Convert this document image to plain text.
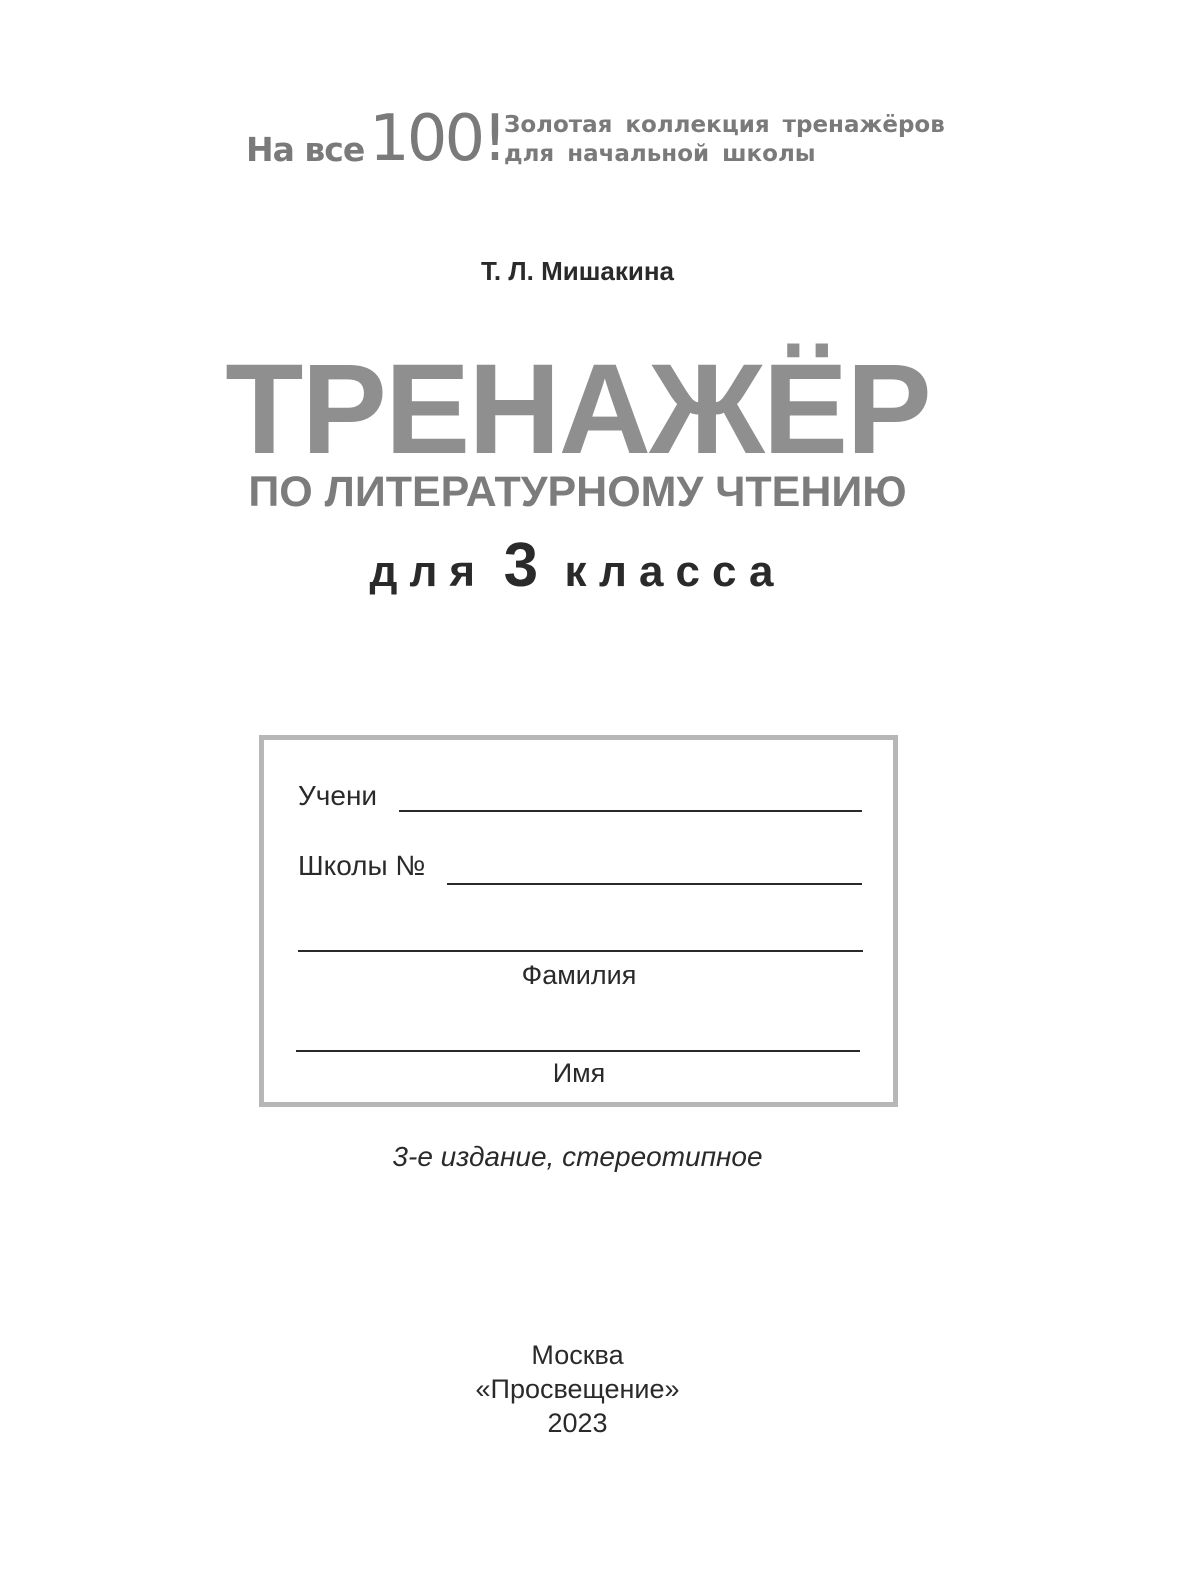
На все 100! Золотая коллекция тренажёров
для начальной школы
Т. Л. Мишакина
ТРЕНАЖЁР
ПО ЛИТЕРАТУРНОМУ ЧТЕНИЮ
для 3 класса
Учени
Школы №
Фамилия
Имя
3-е издание, стереотипное
Москва
«Просвещение»
2023
